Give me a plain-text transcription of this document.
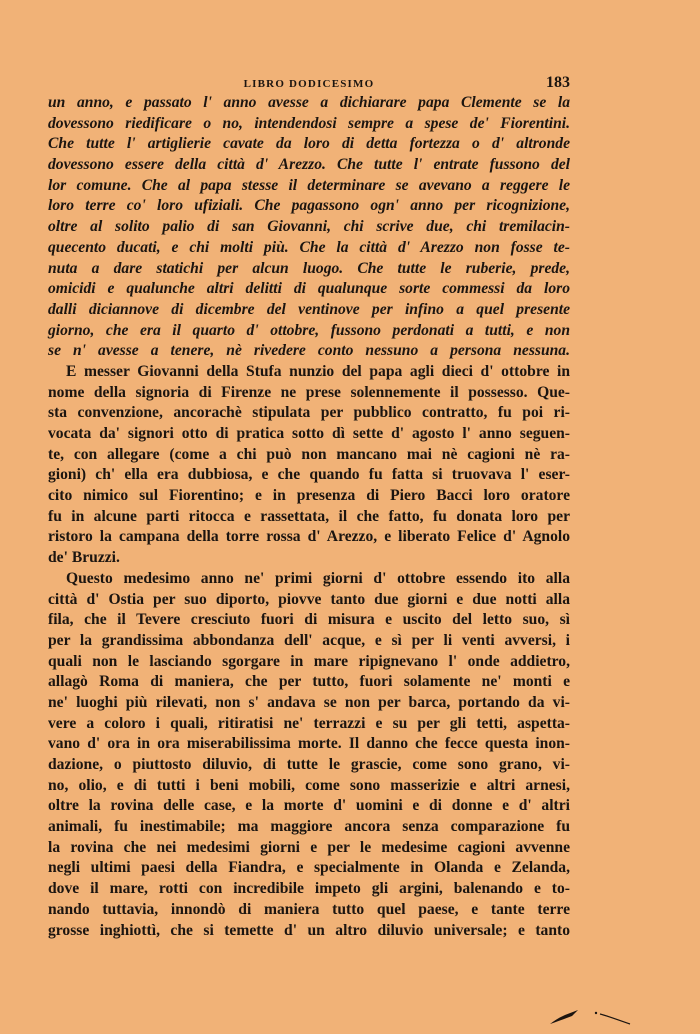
LIBRO DODICESIMO	183
un anno, e passato l' anno avesse a dichiarare papa Clemente se la
dovessono riedificare o no, intendendosi sempre a spese de' Fiorentini.
Che tutte l' artiglierie cavate da loro di detta fortezza o d' altronde
dovessono essere della città d' Arezzo. Che tutte l' entrate fussono del
lor comune. Che al papa stesse il determinare se avevano a reggere le
loro terre co' loro ufiziali. Che pagassono ogn' anno per ricognizione,
oltre al solito palio di san Giovanni, chi scrive due, chi tremilacin-
quecento ducati, e chi molti più. Che la città d' Arezzo non fosse te-
nuta a dare statichi per alcun luogo. Che tutte le ruberie, prede,
omicidi e qualunche altri delitti di qualunque sorte commessi da loro
dalli diciannove di dicembre del ventinove per infino a quel presente
giorno, che era il quarto d' ottobre, fussono perdonati a tutti, e non
se n' avesse a tenere, nè rivedere conto nessuno a persona nessuna.
E messer Giovanni della Stufa nunzio del papa agli dieci d' ottobre in
nome della signoria di Firenze ne prese solennemente il possesso. Que-
sta convenzione, ancorachè stipulata per pubblico contratto, fu poi ri-
vocata da' signori otto di pratica sotto dì sette d' agosto l' anno seguen-
te, con allegare (come a chi può non mancano mai nè cagioni nè ra-
gioni) ch' ella era dubbiosa, e che quando fu fatta si truovava l' eser-
cito nimico sul Fiorentino; e in presenza di Piero Bacci loro oratore
fu in alcune parti ritocca e rassettata, il che fatto, fu donata loro per
ristoro la campana della torre rossa d' Arezzo, e liberato Felice d' Agnolo
de' Bruzzi.
Questo medesimo anno ne' primi giorni d' ottobre essendo ito alla
città d' Ostia per suo diporto, piovve tanto due giorni e due notti alla
fila, che il Tevere cresciuto fuori di misura e uscito del letto suo, sì
per la grandissima abbondanza dell' acque, e sì per li venti avversi, i
quali non le lasciando sgorgare in mare ripignevano l' onde addietro,
allagò Roma di maniera, che per tutto, fuori solamente ne' monti e
ne' luoghi più rilevati, non s' andava se non per barca, portando da vi-
vere a coloro i quali, ritiratisi ne' terrazzi e su per gli tetti, aspetta-
vano d' ora in ora miserabilissima morte. Il danno che fecce questa inon-
dazione, o piuttosto diluvio, di tutte le grascie, come sono grano, vi-
no, olio, e di tutti i beni mobili, come sono masserizie e altri arnesi,
oltre la rovina delle case, e la morte d' uomini e di donne e d' altri
animali, fu inestimabile; ma maggiore ancora senza comparazione fu
la rovina che nei medesimi giorni e per le medesime cagioni avvenne
negli ultimi paesi della Fiandra, e specialmente in Olanda e Zelanda,
dove il mare, rotti con incredibile impeto gli argini, balenando e to-
nando tuttavia, innondò di maniera tutto quel paese, e tante terre
grosse inghiottì, che si temette d' un altro diluvio universale; e tanto
